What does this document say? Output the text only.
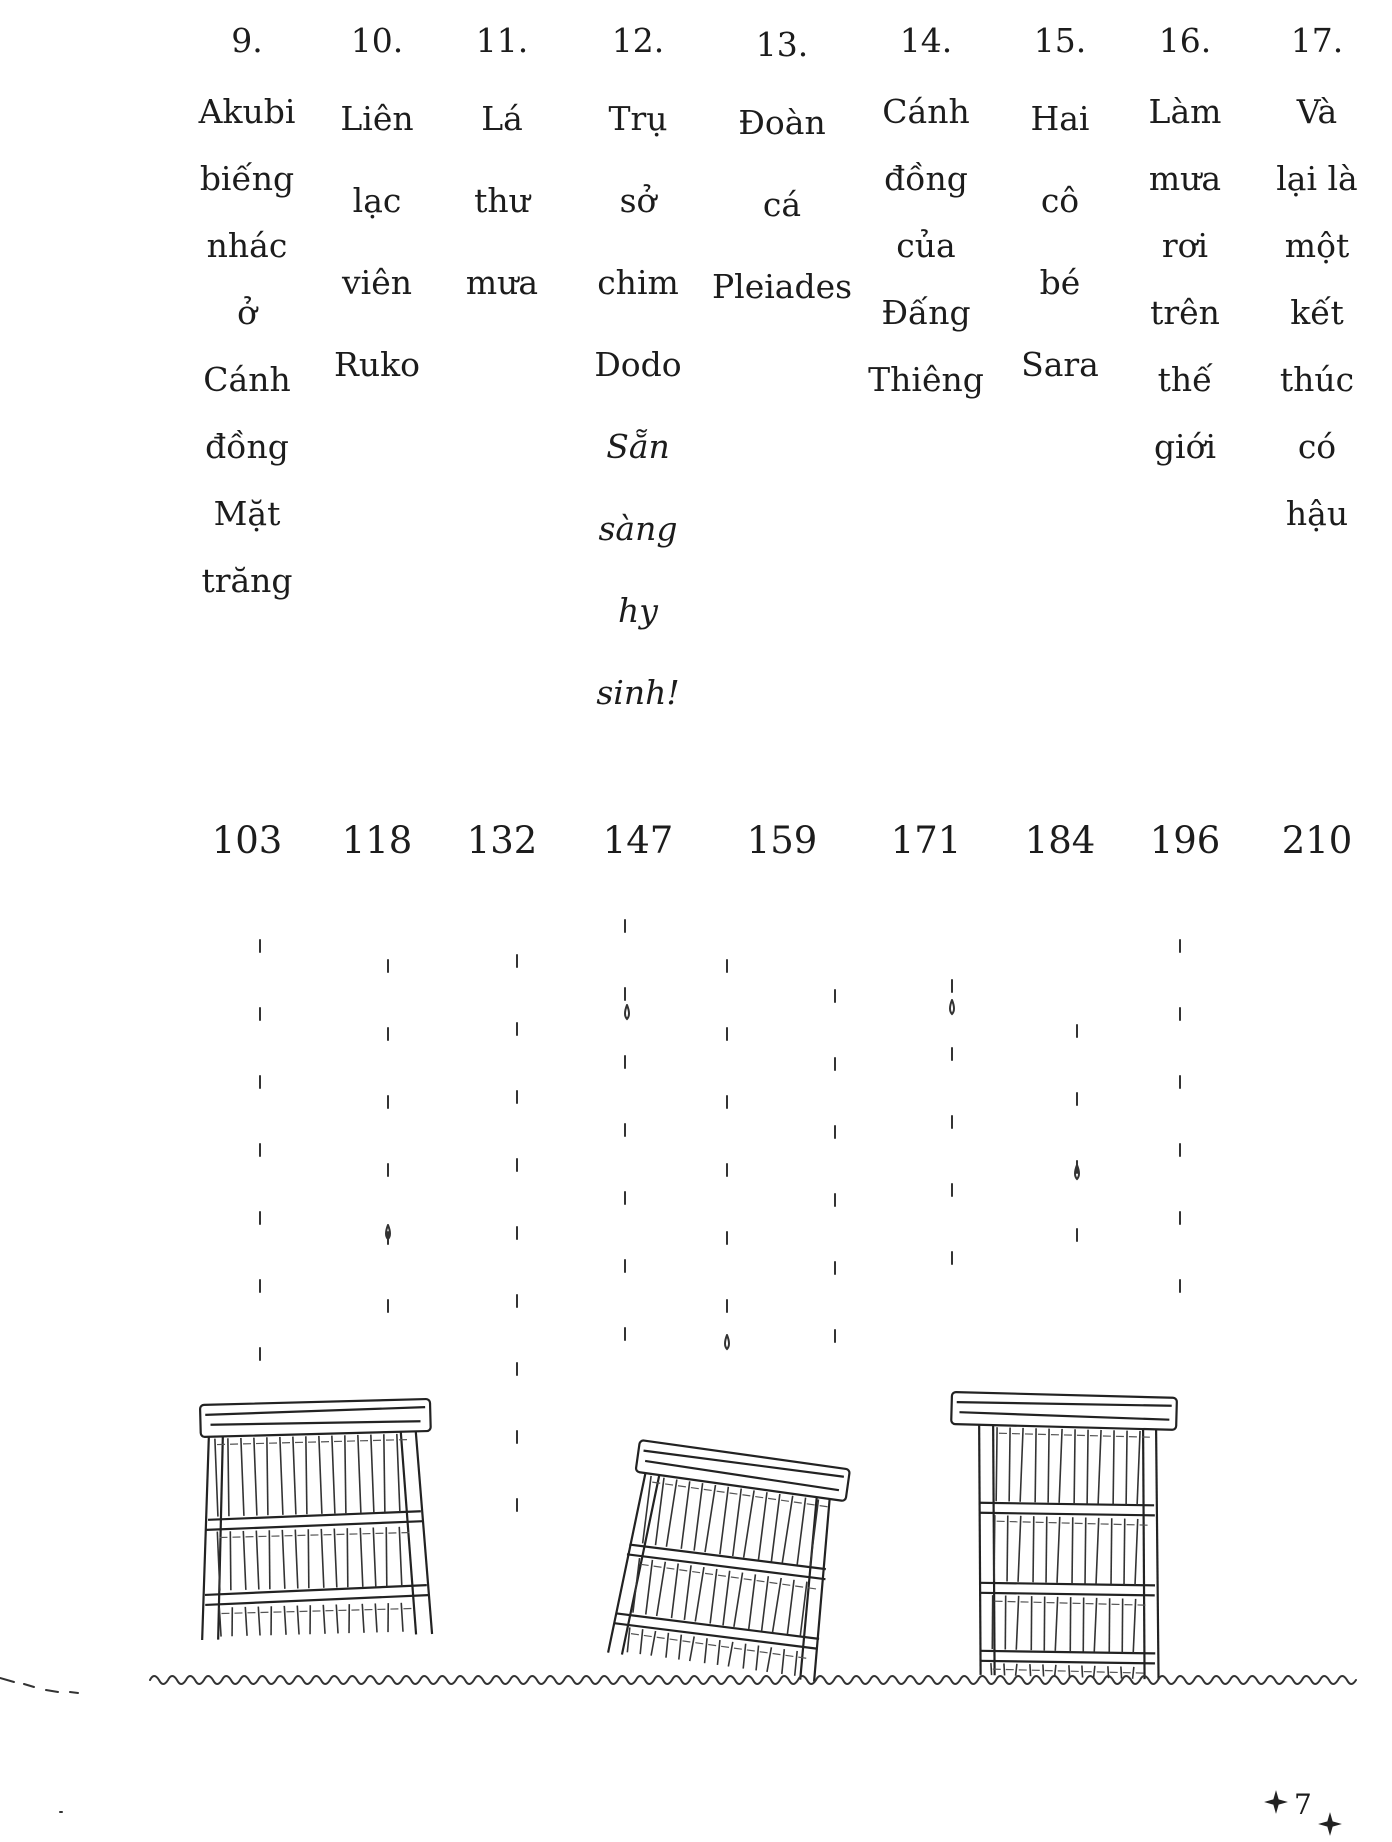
9.
Akubi
biếng
nhác
ở
Cánh
đồng
Mặt
trăng
103
10.
Liên
lạc
viên
Ruko
118
11.
Lá
thư
mưa
132
12.
Trụ
sở
chim
Dodo
Sẵn
sàng
hy
sinh!
147
13.
Đoàn
cá
Pleiades
159
14.
Cánh
đồng
của
Đấng
Thiêng
171
15.
Hai
cô
bé
Sara
184
16.
Làm
mưa
rơi
trên
thế
giới
196
17.
Và
lại là
một
kết
thúc
có
hậu
210
7
